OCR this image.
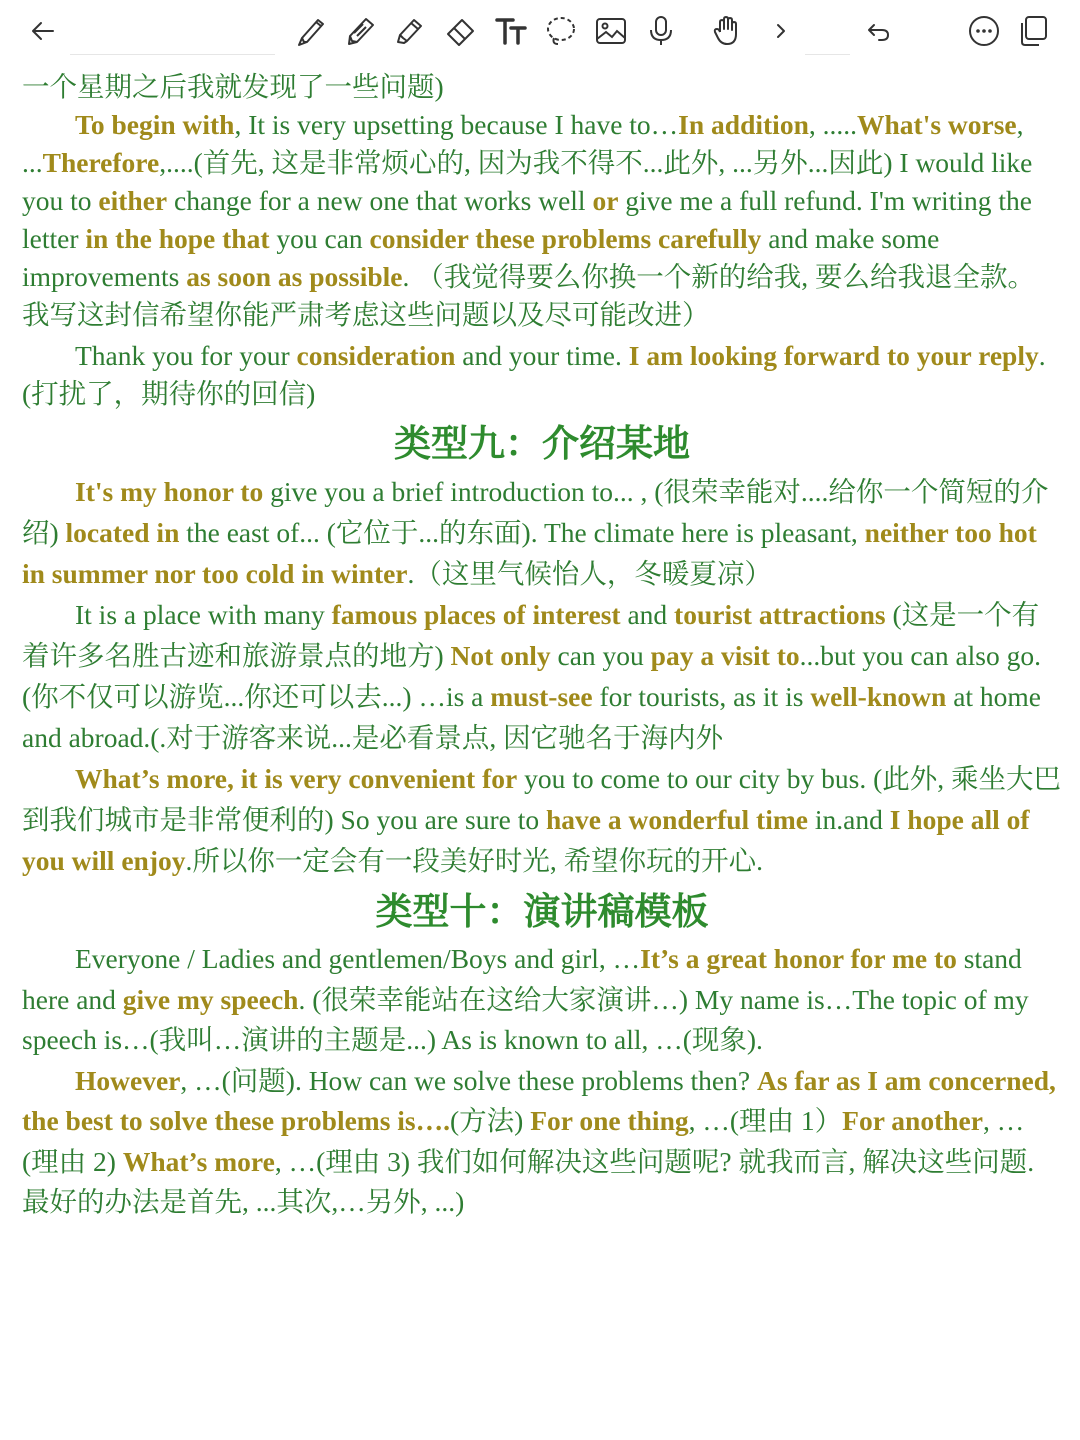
一个星期之后我就发现了一些问题)

To begin with, It is very upsetting because I have to…In addition, .....What's worse, ...Therefore,....(首先, 这是非常烦心的, 因为我不得不...此外, ...另外...因此) I would like you to either change for a new one that works well or give me a full refund. I'm writing the letter in the hope that you can consider these problems carefully and make some improvements as soon as possible. （我觉得要么你换一个新的给我, 要么给我退全款。我写这封信希望你能严肃考虑这些问题以及尽可能改进）

Thank you for your consideration and your time. I am looking forward to your reply. (打扰了，期待你的回信)

类型九：介绍某地

It's my honor to give you a brief introduction to... , (很荣幸能对....给你一个简短的介绍) located in the east of... (它位于...的东面). The climate here is pleasant, neither too hot in summer nor too cold in winter.（这里气候怡人，冬暖夏凉）

It is a place with many famous places of interest and tourist attractions (这是一个有着许多名胜古迹和旅游景点的地方) Not only can you pay a visit to...but you can also go. (你不仅可以游览...你还可以去...) …is a must-see for tourists, as it is well-known at home and abroad.(.对于游客来说...是必看景点, 因它驰名于海内外

What’s more, it is very convenient for you to come to our city by bus. (此外, 乘坐大巴到我们城市是非常便利的) So you are sure to have a wonderful time in.and I hope all of you will enjoy.所以你一定会有一段美好时光, 希望你玩的开心.

类型十：演讲稿模板

Everyone / Ladies and gentlemen/Boys and girl, …It’s a great honor for me to stand here and give my speech. (很荣幸能站在这给大家演讲…) My name is…The topic of my speech is…(我叫…演讲的主题是...) As is known to all, …(现象).

However, …(问题). How can we solve these problems then? As far as I am concerned, the best to solve these problems is….(方法) For one thing, …(理由 1）For another, … (理由 2) What’s more, …(理由 3) 我们如何解决这些问题呢? 就我而言, 解决这些问题. 最好的办法是首先, ...其次,…另外, ...)
